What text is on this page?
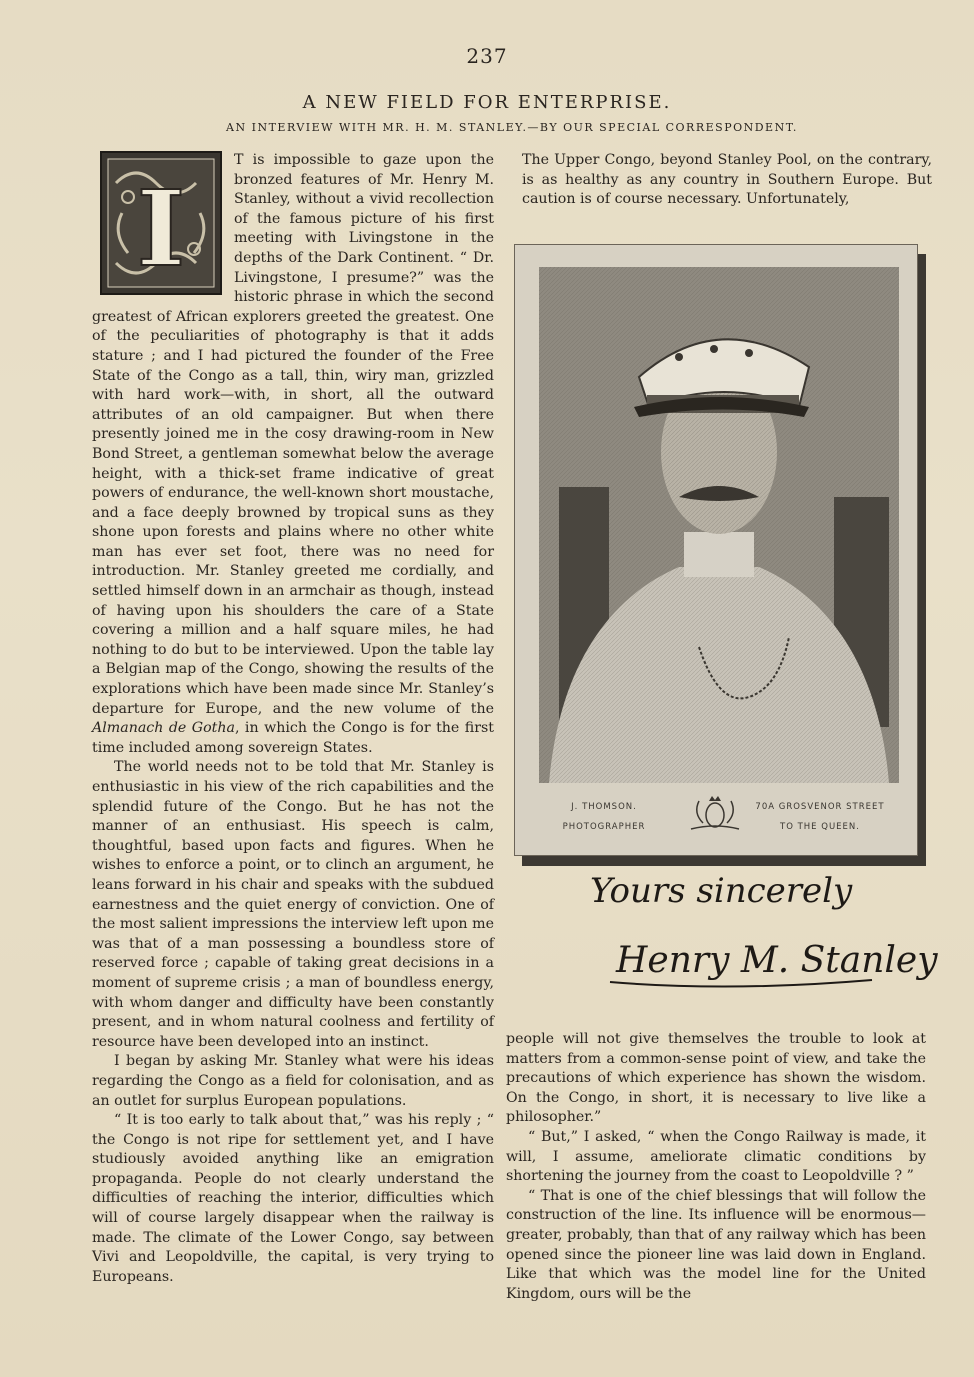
237
A NEW FIELD FOR ENTERPRISE.
AN INTERVIEW WITH MR. H. M. STANLEY.—BY OUR SPECIAL CORRESPONDENT.
I

T is impossible to gaze upon the bronzed features of Mr. Henry M. Stanley, without a vivid recollection of the famous picture of his first meeting with Livingstone in the depths of the Dark Continent. “ Dr. Livingstone, I presume?” was the historic phrase in which the second greatest of African explorers greeted the greatest. One of the peculiarities of photography is that it adds stature ; and I had pictured the founder of the Free State of the Congo as a tall, thin, wiry man, grizzled with hard work—with, in short, all the outward attributes of an old campaigner. But when there presently joined me in the cosy drawing-room in New Bond Street, a gentleman somewhat below the average height, with a thick-set frame indicative of great powers of endurance, the well-known short moustache, and a face deeply browned by tropical suns as they shone upon forests and plains where no other white man has ever set foot, there was no need for introduction. Mr. Stanley greeted me cordially, and settled himself down in an armchair as though, instead of having upon his shoulders the care of a State covering a million and a half square miles, he had nothing to do but to be interviewed. Upon the table lay a Belgian map of the Congo, showing the results of the explorations which have been made since Mr. Stanley’s departure for Europe, and the new volume of the Almanach de Gotha, in which the Congo is for the first time included among sovereign States.

The world needs not to be told that Mr. Stanley is enthusiastic in his view of the rich capabilities and the splendid future of the Congo. But he has not the manner of an enthusiast. His speech is calm, thoughtful, based upon facts and figures. When he wishes to enforce a point, or to clinch an argument, he leans forward in his chair and speaks with the subdued earnestness and the quiet energy of conviction. One of the most salient impressions the interview left upon me was that of a man possessing a boundless store of reserved force ; capable of taking great decisions in a moment of supreme crisis ; a man of boundless energy, with whom danger and difficulty have been constantly present, and in whom natural coolness and fertility of resource have been developed into an instinct.

I began by asking Mr. Stanley what were his ideas regarding the Congo as a field for colonisation, and as an outlet for surplus European populations.

“ It is too early to talk about that,” was his reply ; “ the Congo is not ripe for settlement yet, and I have studiously avoided anything like an emigration propaganda. People do not clearly understand the difficulties of reaching the interior, difficulties which will of course largely disappear when the railway is made. The climate of the Lower Congo, say between Vivi and Leopoldville, the capital, is very trying to Europeans.

The Upper Congo, beyond Stanley Pool, on the contrary, is as healthy as any country in Southern Europe. But caution is of course necessary. Unfortunately,

J. THOMSON.
PHOTOGRAPHER
70A GROSVENOR STREET
TO THE QUEEN.
Yours sincerely
Henry M. Stanley

people will not give themselves the trouble to look at matters from a common-sense point of view, and take the precautions of which experience has shown the wisdom. On the Congo, in short, it is necessary to live like a philosopher.”

“ But,” I asked, “ when the Congo Railway is made, it will, I assume, ameliorate climatic conditions by shortening the journey from the coast to Leopoldville ? ”

“ That is one of the chief blessings that will follow the construction of the line. Its influence will be enormous—greater, probably, than that of any railway which has been opened since the pioneer line was laid down in England. Like that which was the model line for the United Kingdom, ours will be the
